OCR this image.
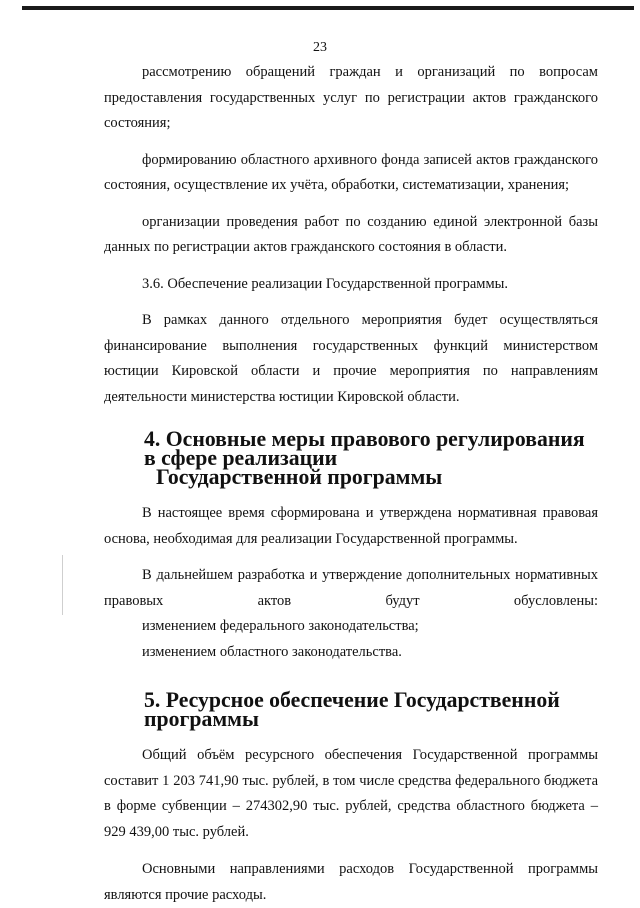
23

рассмотрению обращений граждан и организаций по вопросам предоставления государственных услуг по регистрации актов гражданского состояния;

формированию областного архивного фонда записей актов гражданского состояния, осуществление их учёта, обработки, систематизации, хранения;

организации проведения работ по созданию единой электронной базы данных по регистрации актов гражданского состояния в области.

3.6. Обеспечение реализации Государственной программы.

В рамках данного отдельного мероприятия будет осуществляться финансирование выполнения государственных функций министерством юстиции Кировской области и прочие мероприятия по направлениям деятельности министерства юстиции Кировской области.

4. Основные меры правового регулирования в сфере реализации
Государственной программы

В настоящее время сформирована и утверждена нормативная правовая основа, необходимая для реализации Государственной программы.

В дальнейшем разработка и утверждение дополнительных нормативных правовых актов будут обусловлены:

изменением федерального законодательства;

изменением областного законодательства.

5. Ресурсное обеспечение Государственной программы

Общий объём ресурсного обеспечения Государственной программы составит 1 203 741,90 тыс. рублей, в том числе средства федерального бюджета в форме субвенции – 274302,90 тыс. рублей, средства областного бюджета – 929 439,00 тыс. рублей.

Основными направлениями расходов Государственной программы являются прочие расходы.
